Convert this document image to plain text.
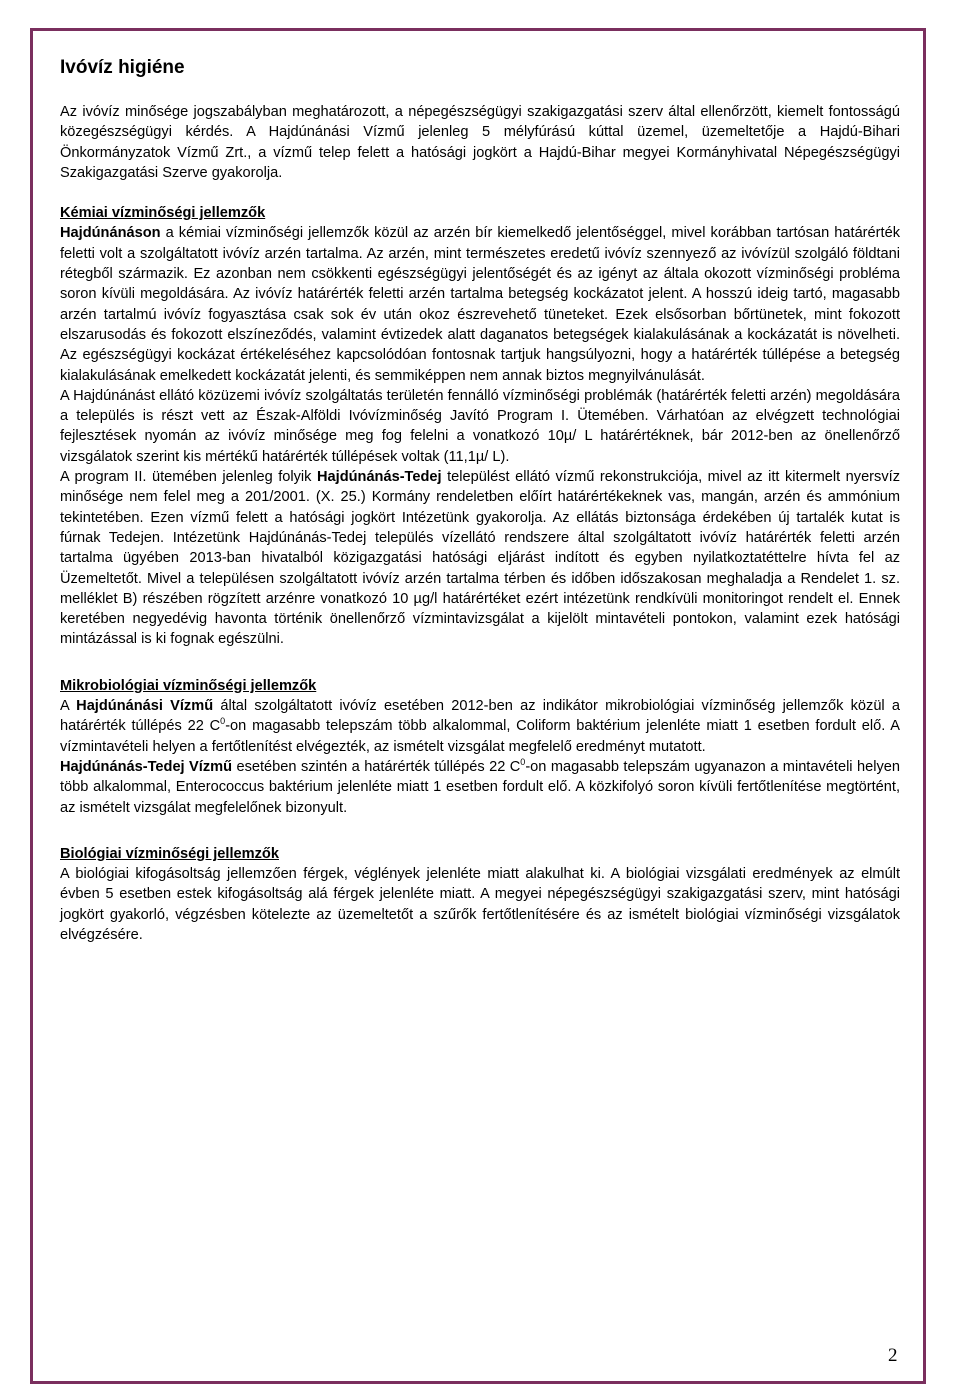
Ivóvíz higiéne

Az ivóvíz minősége jogszabályban meghatározott, a népegészségügyi szakigazgatási szerv által ellenőrzött, kiemelt fontosságú közegészségügyi kérdés. A Hajdúnánási Vízmű jelenleg 5 mélyfúrású kúttal üzemel, üzemeltetője a Hajdú-Bihari Önkormányzatok Vízmű Zrt., a vízmű telep felett a hatósági jogkört a Hajdú-Bihar megyei Kormányhivatal Népegészségügyi Szakigazgatási Szerve gyakorolja.

Kémiai vízminőségi jellemzők

Hajdúnánáson a kémiai vízminőségi jellemzők közül az arzén bír kiemelkedő jelentőséggel, mivel korábban tartósan határérték feletti volt a szolgáltatott ivóvíz arzén tartalma. Az arzén, mint természetes eredetű ivóvíz szennyező az ivóvízül szolgáló földtani rétegből származik. Ez azonban nem csökkenti egészségügyi jelentőségét és az igényt az általa okozott vízminőségi probléma soron kívüli megoldására. Az ivóvíz határérték feletti arzén tartalma betegség kockázatot jelent. A hosszú ideig tartó, magasabb arzén tartalmú ivóvíz fogyasztása csak sok év után okoz észrevehető tüneteket. Ezek elsősorban bőrtünetek, mint fokozott elszarusodás és fokozott elszíneződés, valamint évtizedek alatt daganatos betegségek kialakulásának a kockázatát is növelheti. Az egészségügyi kockázat értékeléséhez kapcsolódóan fontosnak tartjuk hangsúlyozni, hogy a határérték túllépése a betegség kialakulásának emelkedett kockázatát jelenti, és semmiképpen nem annak biztos megnyilvánulását.

A Hajdúnánást ellátó közüzemi ivóvíz szolgáltatás területén fennálló vízminőségi problémák (határérték feletti arzén) megoldására a település is részt vett az Észak-Alföldi Ivóvízminőség Javító Program I. Ütemében. Várhatóan az elvégzett technológiai fejlesztések nyomán az ivóvíz minősége meg fog felelni a vonatkozó 10µ/ L határértéknek, bár 2012-ben az önellenőrző vizsgálatok szerint kis mértékű határérték túllépések voltak (11,1µ/ L).

A program II. ütemében jelenleg folyik Hajdúnánás-Tedej települést ellátó vízmű rekonstrukciója, mivel az itt kitermelt nyersvíz minősége nem felel meg a 201/2001. (X. 25.) Kormány rendeletben előírt határértékeknek vas, mangán, arzén és ammónium tekintetében. Ezen vízmű felett a hatósági jogkört Intézetünk gyakorolja. Az ellátás biztonsága érdekében új tartalék kutat is fúrnak Tedejen. Intézetünk Hajdúnánás-Tedej település vízellátó rendszere által szolgáltatott ivóvíz határérték feletti arzén tartalma ügyében 2013-ban hivatalból közigazgatási hatósági eljárást indított és egyben nyilatkoztatéttelre hívta fel az Üzemeltetőt. Mivel a településen szolgáltatott ivóvíz arzén tartalma térben és időben időszakosan meghaladja a Rendelet 1. sz. melléklet B) részében rögzített arzénre vonatkozó 10 µg/l határértéket ezért intézetünk rendkívüli monitoringot rendelt el. Ennek keretében negyedévig havonta történik önellenőrző vízmintavizsgálat a kijelölt mintavételi pontokon, valamint ezek hatósági mintázással is ki fognak egészülni.

Mikrobiológiai vízminőségi jellemzők

A Hajdúnánási Vízmű által szolgáltatott ivóvíz esetében 2012-ben az indikátor mikrobiológiai vízminőség jellemzők közül a határérték túllépés 22 $C^0-on$ magasabb telepszám több alkalommal, Coliform baktérium jelenléte miatt 1 esetben fordult elő. A vízmintavételi helyen a fertőtlenítést elvégezték, az ismételt vizsgálat megfelelő eredményt mutatott.

Hajdúnánás-Tedej Vízmű esetében szintén a határérték túllépés 22 $C^0-on$ magasabb telepszám ugyanazon a mintavételi helyen több alkalommal, Enterococcus baktérium jelenléte miatt 1 esetben fordult elő. A közkifolyó soron kívüli fertőtlenítése megtörtént, az ismételt vizsgálat megfelelőnek bizonyult.

Biológiai vízminőségi jellemzők

A biológiai kifogásoltság jellemzően férgek, véglények jelenléte miatt alakulhat ki. A biológiai vizsgálati eredmények az elmúlt évben 5 esetben estek kifogásoltság alá férgek jelenléte miatt. A megyei népegészségügyi szakigazgatási szerv, mint hatósági jogkört gyakorló, végzésben kötelezte az üzemeltetőt a szűrők fertőtlenítésére és az ismételt biológiai vízminőségi vizsgálatok elvégzésére.

2
